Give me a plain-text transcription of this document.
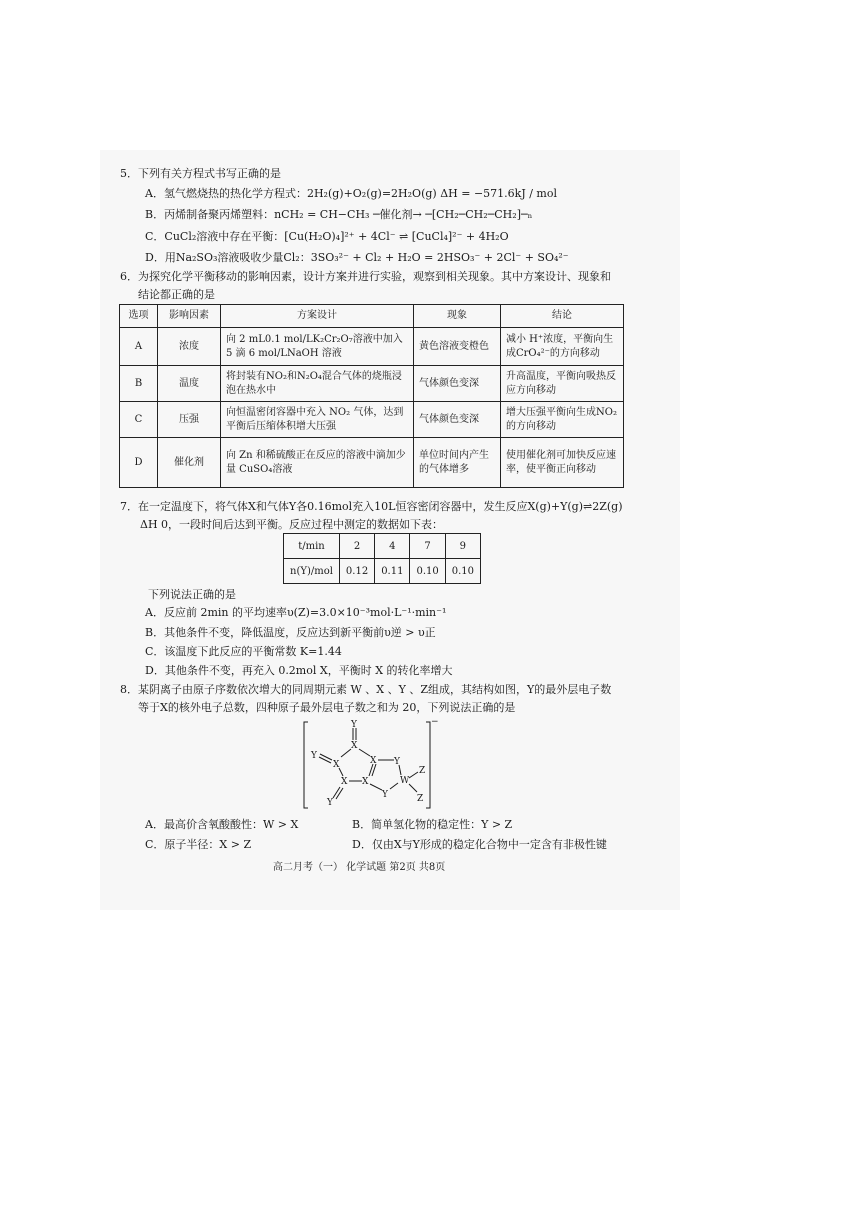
5．下列有关方程式书写正确的是
A．氢气燃烧热的热化学方程式：2H₂(g)+O₂(g)=2H₂O(g) ΔH = −571.6kJ / mol
B．丙烯制备聚丙烯塑料：nCH₂ = CH−CH₃ ─催化剂→ ─[CH₂─CH₂─CH₂]─ₙ
C．CuCl₂溶液中存在平衡：[Cu(H₂O)₄]²⁺ + 4Cl⁻ ⇌ [CuCl₄]²⁻ + 4H₂O
D．用Na₂SO₃溶液吸收少量Cl₂：3SO₃²⁻ + Cl₂ + H₂O = 2HSO₃⁻ + 2Cl⁻ + SO₄²⁻
6．为探究化学平衡移动的影响因素，设计方案并进行实验，观察到相关现象。其中方案设计、现象和
结论都正确的是
选项	影响因素	方案设计	现象	结论
A	浓度	向 2 mL0.1 mol/LK₂Cr₂O₇溶液中加入 5 滴 6 mol/LNaOH 溶液	黄色溶液变橙色	减小 H⁺浓度，平衡向生成CrO₄²⁻的方向移动
B	温度	将封装有NO₂和N₂O₄混合气体的烧瓶浸泡在热水中	气体颜色变深	升高温度，平衡向吸热反应方向移动
C	压强	向恒温密闭容器中充入 NO₂ 气体，达到平衡后压缩体积增大压强	气体颜色变深	增大压强平衡向生成NO₂的方向移动
D	催化剂	向 Zn 和稀硫酸正在反应的溶液中滴加少量 CuSO₄溶液	单位时间内产生的气体增多	使用催化剂可加快反应速率，使平衡正向移动
7．在一定温度下，将气体X和气体Y各0.16mol充入10L恒容密闭容器中，发生反应X(g)+Y(g)⇌2Z(g)
ΔH 0，一段时间后达到平衡。反应过程中测定的数据如下表：
t/min	2	4	7	9
n(Y)/mol	0.12	0.11	0.10	0.10
下列说法正确的是
A．反应前 2min 的平均速率υ(Z)=3.0×10⁻³mol·L⁻¹·min⁻¹
B．其他条件不变，降低温度，反应达到新平衡前υ逆 > υ正
C．该温度下此反应的平衡常数 K=1.44
D．其他条件不变，再充入 0.2mol X，平衡时 X 的转化率增大
8．某阴离子由原子序数依次增大的同周期元素 W 、X 、Y 、Z组成，其结构如图，Y的最外层电子数
等于X的核外电子总数，四种原子最外层电子数之和为 20，下列说法正确的是
Y
X
Y
X	X Y
X X
Y
W
Z
Z
Y
−
A．最高价含氧酸酸性：W > X	B．简单氢化物的稳定性：Y > Z
C．原子半径：X > Z	D．仅由X与Y形成的稳定化合物中一定含有非极性键
高二月考（一） 化学试题 第2页 共8页
